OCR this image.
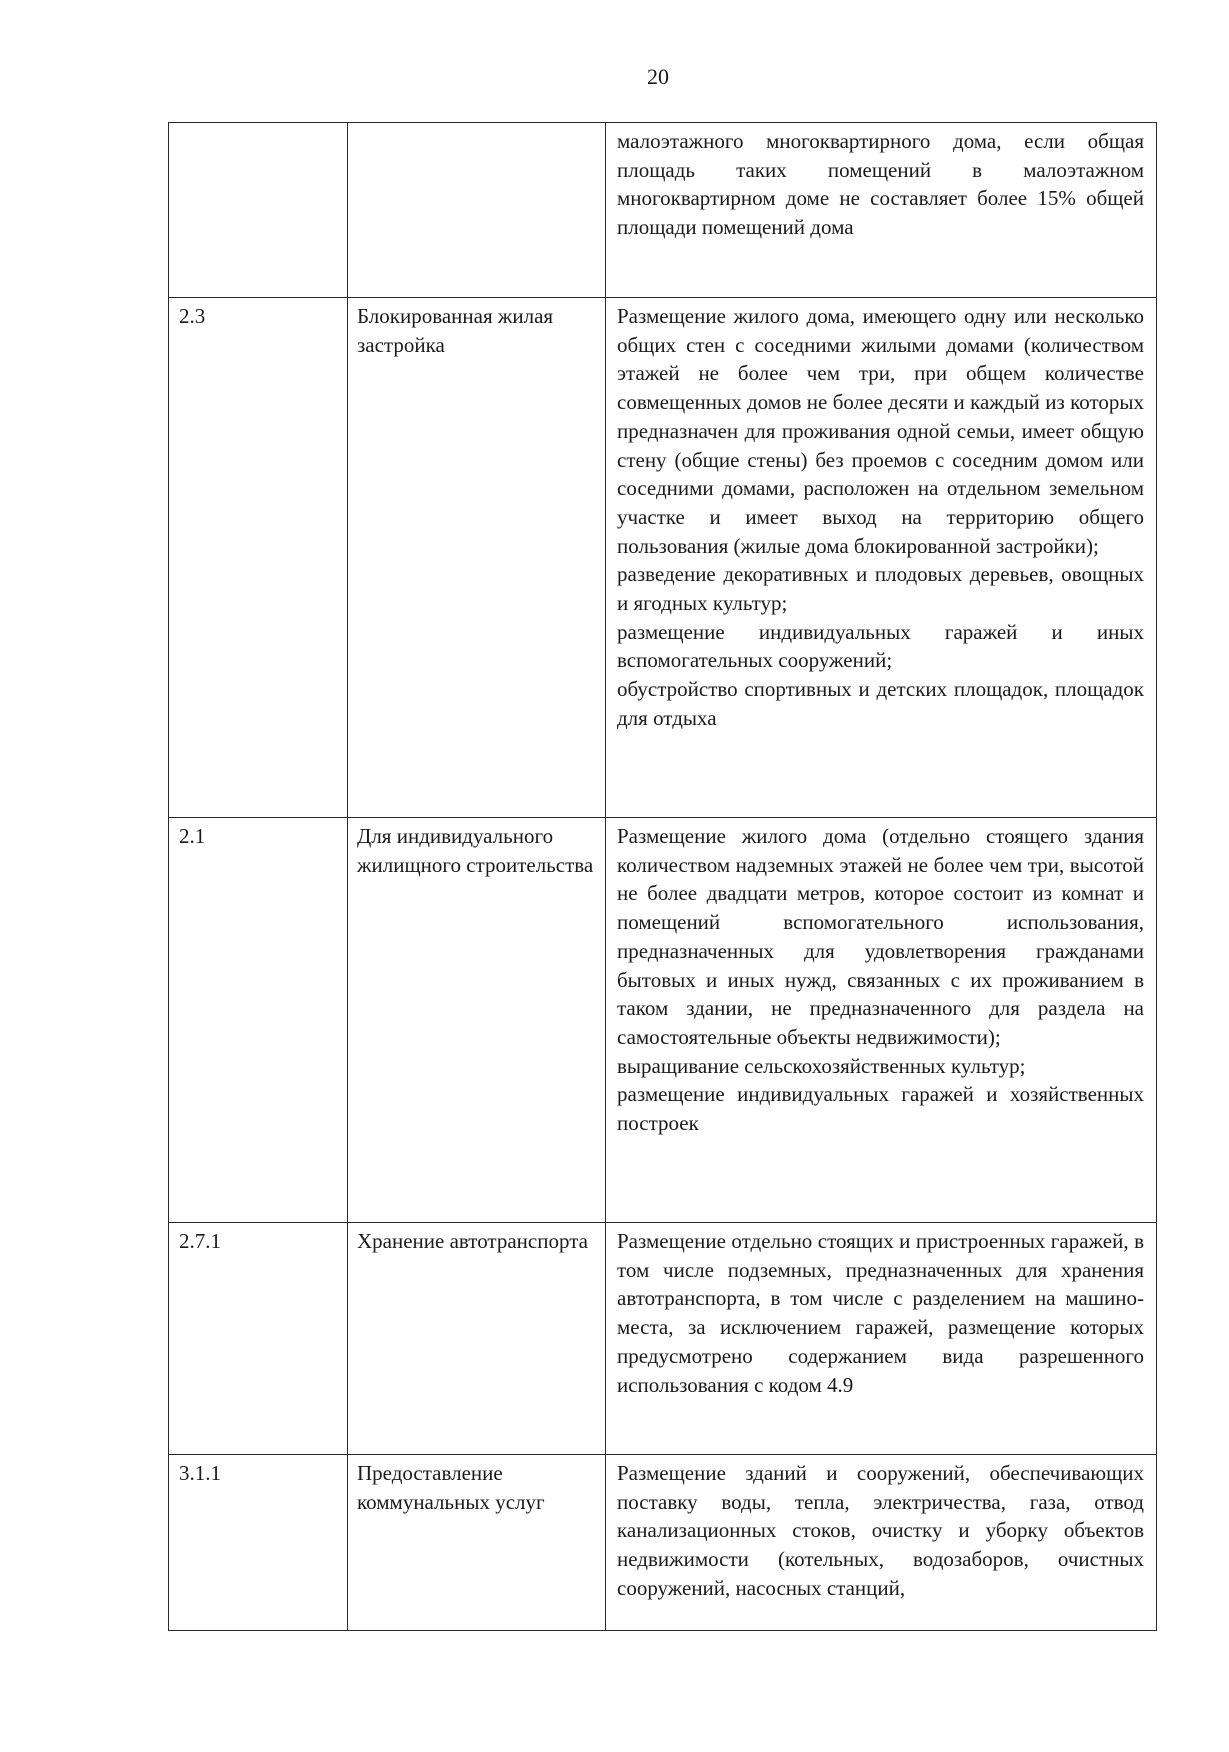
20

		малоэтажного многоквартирного дома, если общая площадь таких помещений в малоэтажном многоквартирном доме не составляет более 15% общей площади помещений дома

2.3	Блокированная жилая застройка	Размещение жилого дома, имеющего одну или несколько общих стен с соседними жилыми домами (количеством этажей не более чем три, при общем количестве совмещенных домов не более десяти и каждый из которых предназначен для проживания одной семьи, имеет общую стену (общие стены) без проемов с соседним домом или соседними домами, расположен на отдельном земельном участке и имеет выход на территорию общего пользования (жилые дома блокированной застройки);
разведение декоративных и плодовых деревьев, овощных и ягодных культур;
размещение индивидуальных гаражей и иных вспомогательных сооружений;
обустройство спортивных и детских площадок, площадок для отдыха

2.1	Для индивидуального жилищного строительства	Размещение жилого дома (отдельно стоящего здания количеством надземных этажей не более чем три, высотой не более двадцати метров, которое состоит из комнат и помещений вспомогательного использования, предназначенных для удовлетворения гражданами бытовых и иных нужд, связанных с их проживанием в таком здании, не предназначенного для раздела на самостоятельные объекты недвижимости);
выращивание сельскохозяйственных культур;
размещение индивидуальных гаражей и хозяйственных построек

2.7.1	Хранение автотранспорта	Размещение отдельно стоящих и пристроенных гаражей, в том числе подземных, предназначенных для хранения автотранспорта, в том числе с разделением на машино-места, за исключением гаражей, размещение которых предусмотрено содержанием вида разрешенного использования с кодом 4.9

3.1.1	Предоставление коммунальных услуг	Размещение зданий и сооружений, обеспечивающих поставку воды, тепла, электричества, газа, отвод канализационных стоков, очистку и уборку объектов недвижимости (котельных, водозаборов, очистных сооружений, насосных станций,
